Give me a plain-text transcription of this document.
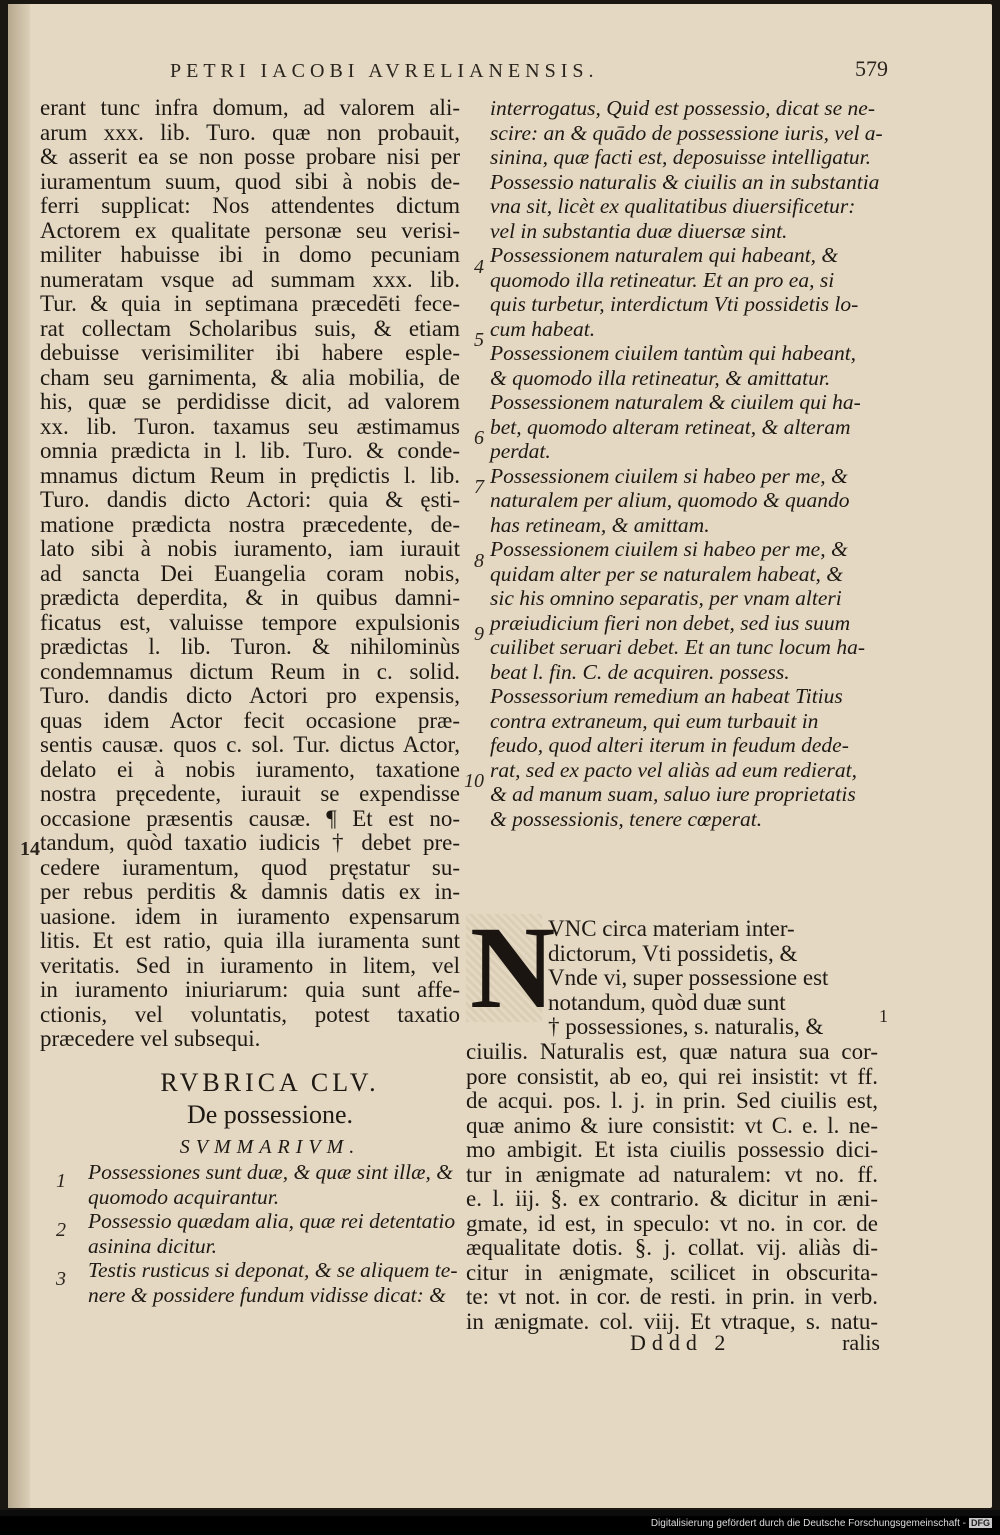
PETRI IACOBI AVRELIANENSIS.	579
erant tunc infra domum, ad valorem ali-
arum xxx. lib. Turo. quæ non probauit,
& asserit ea se non posse probare nisi per
iuramentum suum, quod sibi à nobis de-
ferri supplicat: Nos attendentes dictum
Actorem ex qualitate personæ seu verisi-
militer habuisse ibi in domo pecuniam
numeratam vsque ad summam xxx. lib.
Tur. & quia in septimana præcedēti fece-
rat collectam Scholaribus suis, & etiam
debuisse verisimiliter ibi habere esple-
cham seu garnimenta, & alia mobilia, de
his, quæ se perdidisse dicit, ad valorem
xx. lib. Turon. taxamus seu æstimamus
omnia prædicta in l. lib. Turo. & conde-
mnamus dictum Reum in prędictis l. lib.
Turo. dandis dicto Actori: quia & ęsti-
matione prædicta nostra præcedente, de-
lato sibi à nobis iuramento, iam iurauit
ad sancta Dei Euangelia coram nobis,
prædicta deperdita, & in quibus damni-
ficatus est, valuisse tempore expulsionis
prædictas l. lib. Turon. & nihilominùs
condemnamus dictum Reum in c. solid.
Turo. dandis dicto Actori pro expensis,
quas idem Actor fecit occasione præ-
sentis causæ. quos c. sol. Tur. dictus Actor,
delato ei à nobis iuramento, taxatione
nostra pręcedente, iurauit se expendisse
occasione præsentis causæ. ¶ Et est no-
tandum, quòd taxatio iudicis † debet pre-
cedere iuramentum, quod pręstatur su-
per rebus perditis & damnis datis ex in-
uasione. idem in iuramento expensarum
litis. Et est ratio, quia illa iuramenta sunt
veritatis. Sed in iuramento in litem, vel
in iuramento iniuriarum: quia sunt affe-
ctionis, vel voluntatis, potest taxatio
præcedere vel subsequi.
14
RVBRICA CLV.
De possessione.
SVMMARIVM.
Possessiones sunt duæ, & quæ sint illæ, &
quomodo acquirantur.
Possessio quædam alia, quæ rei detentatio
asinina dicitur.
Testis rusticus si deponat, & se aliquem te-
nere & possidere fundum vidisse dicat: &
interrogatus, Quid est possessio, dicat se ne-
scire: an & quādo de possessione iuris, vel a-
sinina, quæ facti est, deposuisse intelligatur.
Possessio naturalis & ciuilis an in substantia
vna sit, licèt ex qualitatibus diuersificetur:
vel in substantia duæ diuersæ sint.
Possessionem naturalem qui habeant, &
quomodo illa retineatur. Et an pro ea, si
quis turbetur, interdictum Vti possidetis lo-
cum habeat.
Possessionem ciuilem tantùm qui habeant,
& quomodo illa retineatur, & amittatur.
Possessionem naturalem & ciuilem qui ha-
bet, quomodo alteram retineat, & alteram
perdat.
Possessionem ciuilem si habeo per me, &
naturalem per alium, quomodo & quando
has retineam, & amittam.
Possessionem ciuilem si habeo per me, &
quidam alter per se naturalem habeat, &
sic his omnino separatis, per vnam alteri
præiudicium fieri non debet, sed ius suum
cuilibet seruari debet. Et an tunc locum ha-
beat l. fin. C. de acquiren. possess.
Possessorium remedium an habeat Titius
contra extraneum, qui eum turbauit in
feudo, quod alteri iterum in feudum dede-
rat, sed ex pacto vel aliàs ad eum redierat,
& ad manum suam, saluo iure proprietatis
& possessionis, tenere cœperat.
N
VNC circa materiam inter-
dictorum, Vti possidetis, &
Vnde vi, super possessione est
notandum, quòd duæ sunt
† possessiones, s. naturalis, &	1
ciuilis. Naturalis est, quæ natura sua cor-
pore consistit, ab eo, qui rei insistit: vt ff.
de acqui. pos. l. j. in prin. Sed ciuilis est,
quæ animo & iure consistit: vt C. e. l. ne-
mo ambigit. Et ista ciuilis possessio dici-
tur in ænigmate ad naturalem: vt no. ff.
e. l. iij. §. ex contrario. & dicitur in æni-
gmate, id est, in speculo: vt no. in cor. de
æqualitate dotis. §. j. collat. vij. aliàs di-
citur in ænigmate, scilicet in obscurita-
te: vt not. in cor. de resti. in prin. in verb.
in ænigmate. col. viij. Et vtraque, s. natu-
Dddd 2	ralis
4
5
6
7
8
9
10
1
2
3
Digitalisierung gefördert durch die Deutsche Forschungsgemeinschaft - DFG
